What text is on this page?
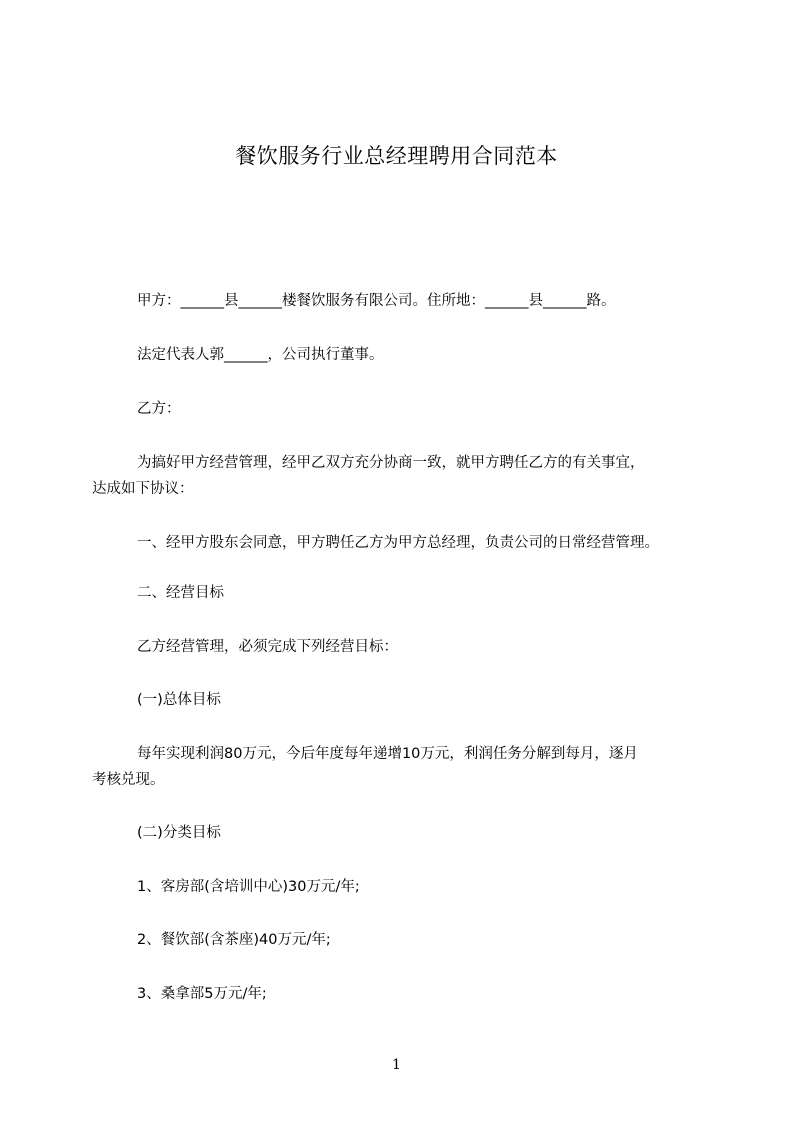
餐饮服务行业总经理聘用合同范本
甲方：______县______楼餐饮服务有限公司。住所地：______县______路。
法定代表人郭______，公司执行董事。
乙方：
为搞好甲方经营管理，经甲乙双方充分协商一致，就甲方聘任乙方的有关事宜，
达成如下协议：
一、经甲方股东会同意，甲方聘任乙方为甲方总经理，负责公司的日常经营管理。
二、经营目标
乙方经营管理，必须完成下列经营目标：
(一)总体目标
每年实现利润80万元，今后年度每年递增10万元，利润任务分解到每月，逐月
考核兑现。
(二)分类目标
1、客房部(含培训中心)30万元/年;
2、餐饮部(含茶座)40万元/年;
3、桑拿部5万元/年;
1
